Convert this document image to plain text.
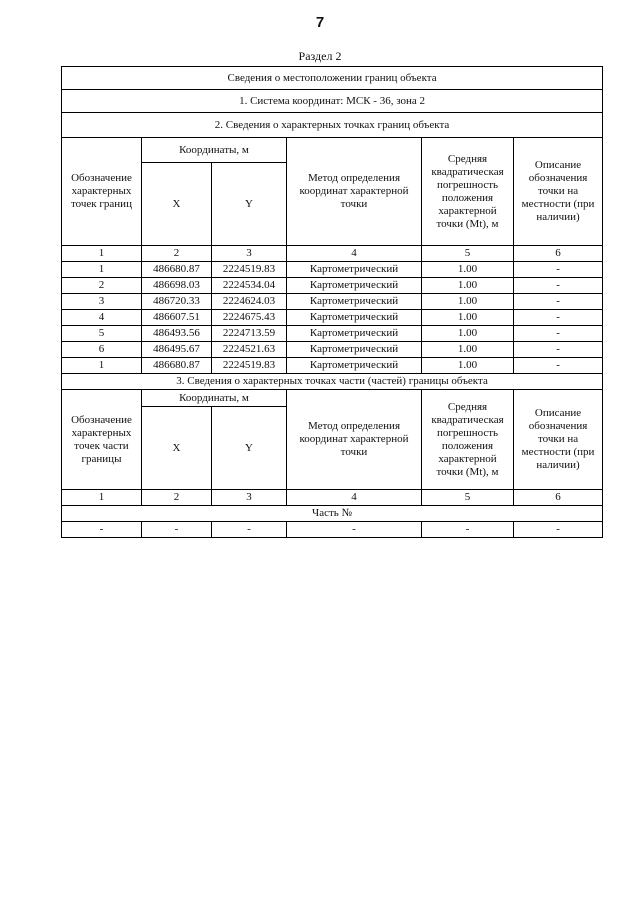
7
Раздел 2
Сведения о местоположении границ объекта					
1. Система координат: МСК - 36, зона 2					
2. Сведения о характерных точках границ объекта					
Обозначение характерных точек границ	Координаты, м		Метод определения координат характерной точки	Средняя квадратическая погрешность положения характерной точки (Mt), м	Описание обозначения точки на местности (при наличии)
	X	Y			
1	2	3	4	5	6
1	486680.87	2224519.83	Картометрический	1.00	-
2	486698.03	2224534.04	Картометрический	1.00	-
3	486720.33	2224624.03	Картометрический	1.00	-
4	486607.51	2224675.43	Картометрический	1.00	-
5	486493.56	2224713.59	Картометрический	1.00	-
6	486495.67	2224521.63	Картометрический	1.00	-
1	486680.87	2224519.83	Картометрический	1.00	-
3. Сведения о характерных точках части (частей) границы объекта					
Обозначение характерных точек части границы	Координаты, м		Метод определения координат характерной точки	Средняя квадратическая погрешность положения характерной точки (Mt), м	Описание обозначения точки на местности (при наличии)
	X	Y			
1	2	3	4	5	6
Часть №					
-	-	-	-	-	-
